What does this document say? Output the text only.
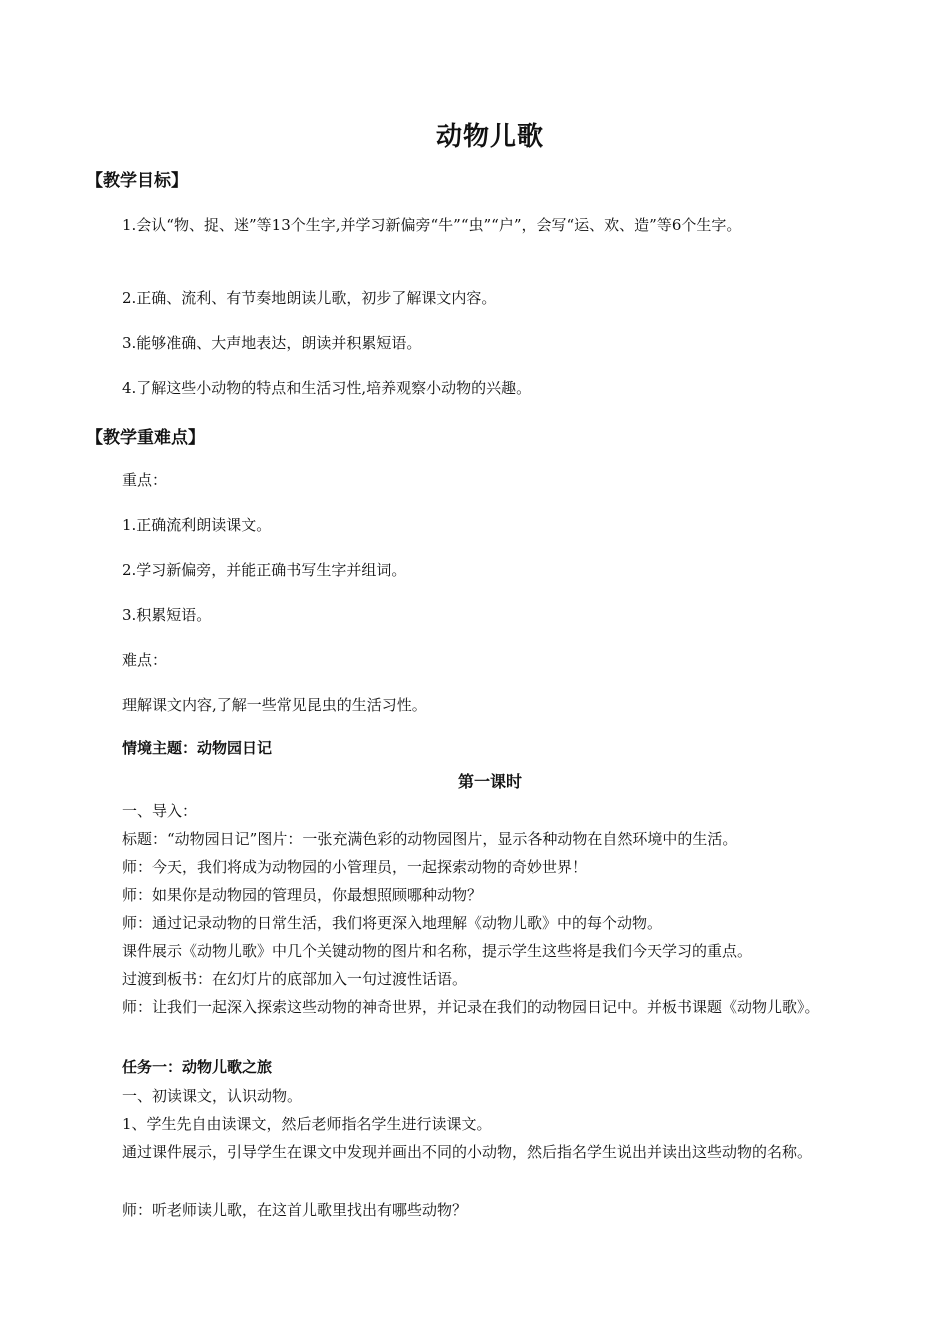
动物儿歌
【教学目标】

1.会认“物、捉、迷”等13个生字,并学习新偏旁“牛”“虫”“户”，会写“运、欢、造”等6个生字。

2.正确、流利、有节奏地朗读儿歌，初步了解课文内容。

3.能够准确、大声地表达，朗读并积累短语。

4.了解这些小动物的特点和生活习性,培养观察小动物的兴趣。

【教学重难点】

重点：

1.正确流利朗读课文。

2.学习新偏旁，并能正确书写生字并组词。

3.积累短语。

难点：

理解课文内容,了解一些常见昆虫的生活习性。

情境主题：动物园日记

第一课时

一、导入：

标题：“动物园日记”图片：一张充满色彩的动物园图片，显示各种动物在自然环境中的生活。

师：今天，我们将成为动物园的小管理员，一起探索动物的奇妙世界！

师：如果你是动物园的管理员，你最想照顾哪种动物？

师：通过记录动物的日常生活，我们将更深入地理解《动物儿歌》中的每个动物。

课件展示《动物儿歌》中几个关键动物的图片和名称，提示学生这些将是我们今天学习的重点。

过渡到板书：在幻灯片的底部加入一句过渡性话语。

师：让我们一起深入探索这些动物的神奇世界，并记录在我们的动物园日记中。并板书课题《动物儿歌》。

任务一：动物儿歌之旅

一、初读课文，认识动物。

1、学生先自由读课文，然后老师指名学生进行读课文。

通过课件展示，引导学生在课文中发现并画出不同的小动物，然后指名学生说出并读出这些动物的名称。

师：听老师读儿歌，在这首儿歌里找出有哪些动物？
